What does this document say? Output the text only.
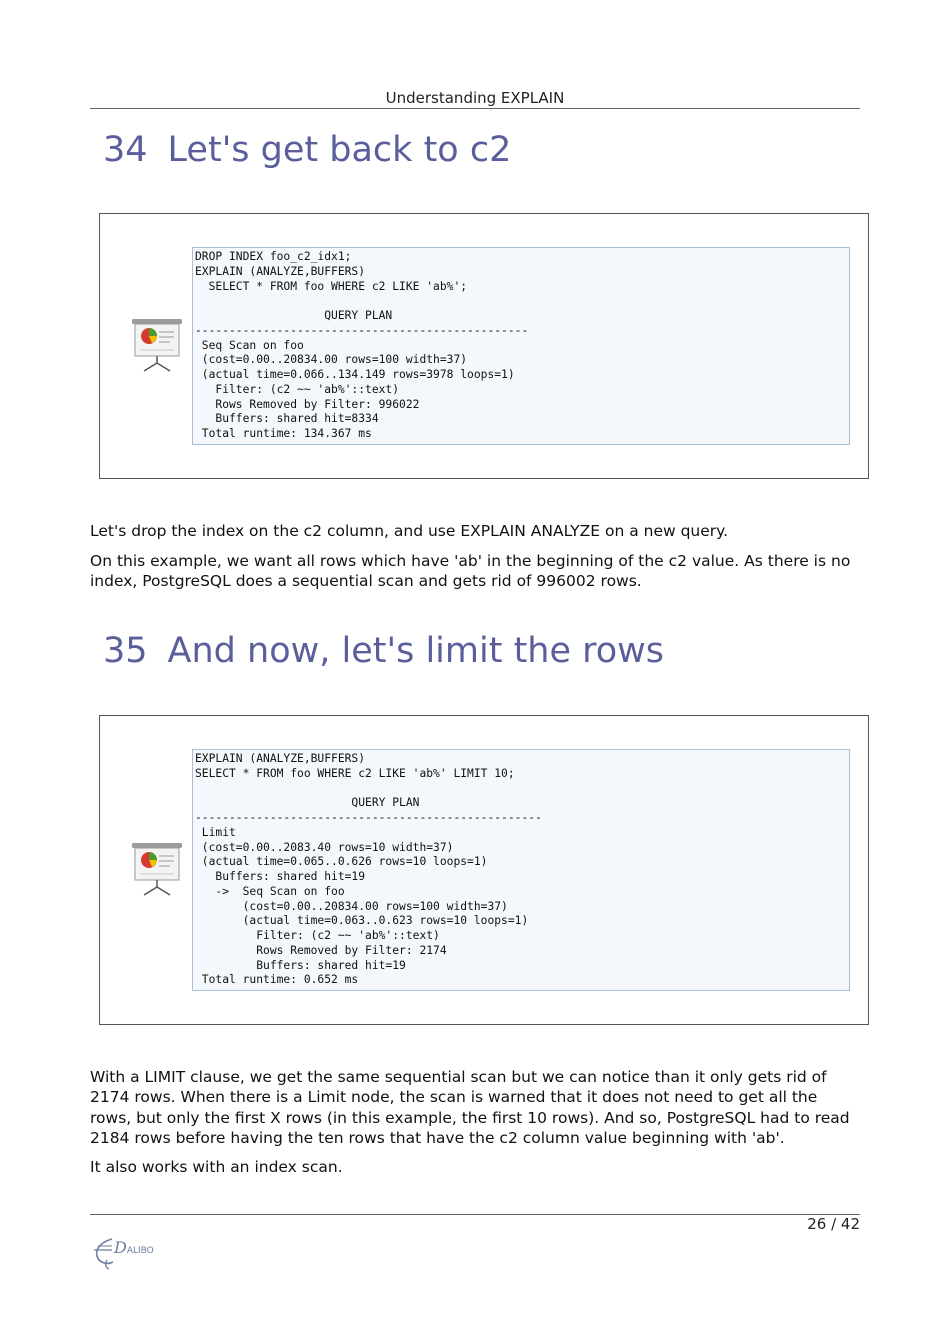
Understanding EXPLAIN
34 Let's get back to c2
DROP INDEX foo_c2_idx1;
EXPLAIN (ANALYZE,BUFFERS)
SELECT * FROM foo WHERE c2 LIKE 'ab%';

QUERY PLAN
-------------------------------------------------
Seq Scan on foo
(cost=0.00..20834.00 rows=100 width=37)
(actual time=0.066..134.149 rows=3978 loops=1)
Filter: (c2 ~~ 'ab%'::text)
Rows Removed by Filter: 996022
Buffers: shared hit=8334
Total runtime: 134.367 ms

Let's drop the index on the c2 column, and use EXPLAIN ANALYZE on a new query.

On this example, we want all rows which have 'ab' in the beginning of the c2 value. As there is no index, PostgreSQL does a sequential scan and gets rid of 996002 rows.

35 And now, let's limit the rows
EXPLAIN (ANALYZE,BUFFERS)
SELECT * FROM foo WHERE c2 LIKE 'ab%' LIMIT 10;

QUERY PLAN
---------------------------------------------------
Limit
(cost=0.00..2083.40 rows=10 width=37)
(actual time=0.065..0.626 rows=10 loops=1)
Buffers: shared hit=19
->  Seq Scan on foo
(cost=0.00..20834.00 rows=100 width=37)
(actual time=0.063..0.623 rows=10 loops=1)
Filter: (c2 ~~ 'ab%'::text)
Rows Removed by Filter: 2174
Buffers: shared hit=19
Total runtime: 0.652 ms

With a LIMIT clause, we get the same sequential scan but we can notice than it only gets rid of 2174 rows. When there is a Limit node, the scan is warned that it does not need to get all the rows, but only the first X rows (in this example, the first 10 rows). And so, PostgreSQL had to read 2184 rows before having the ten rows that have the c2 column value beginning with 'ab'.

It also works with an index scan.

26 / 42
DALIBO
